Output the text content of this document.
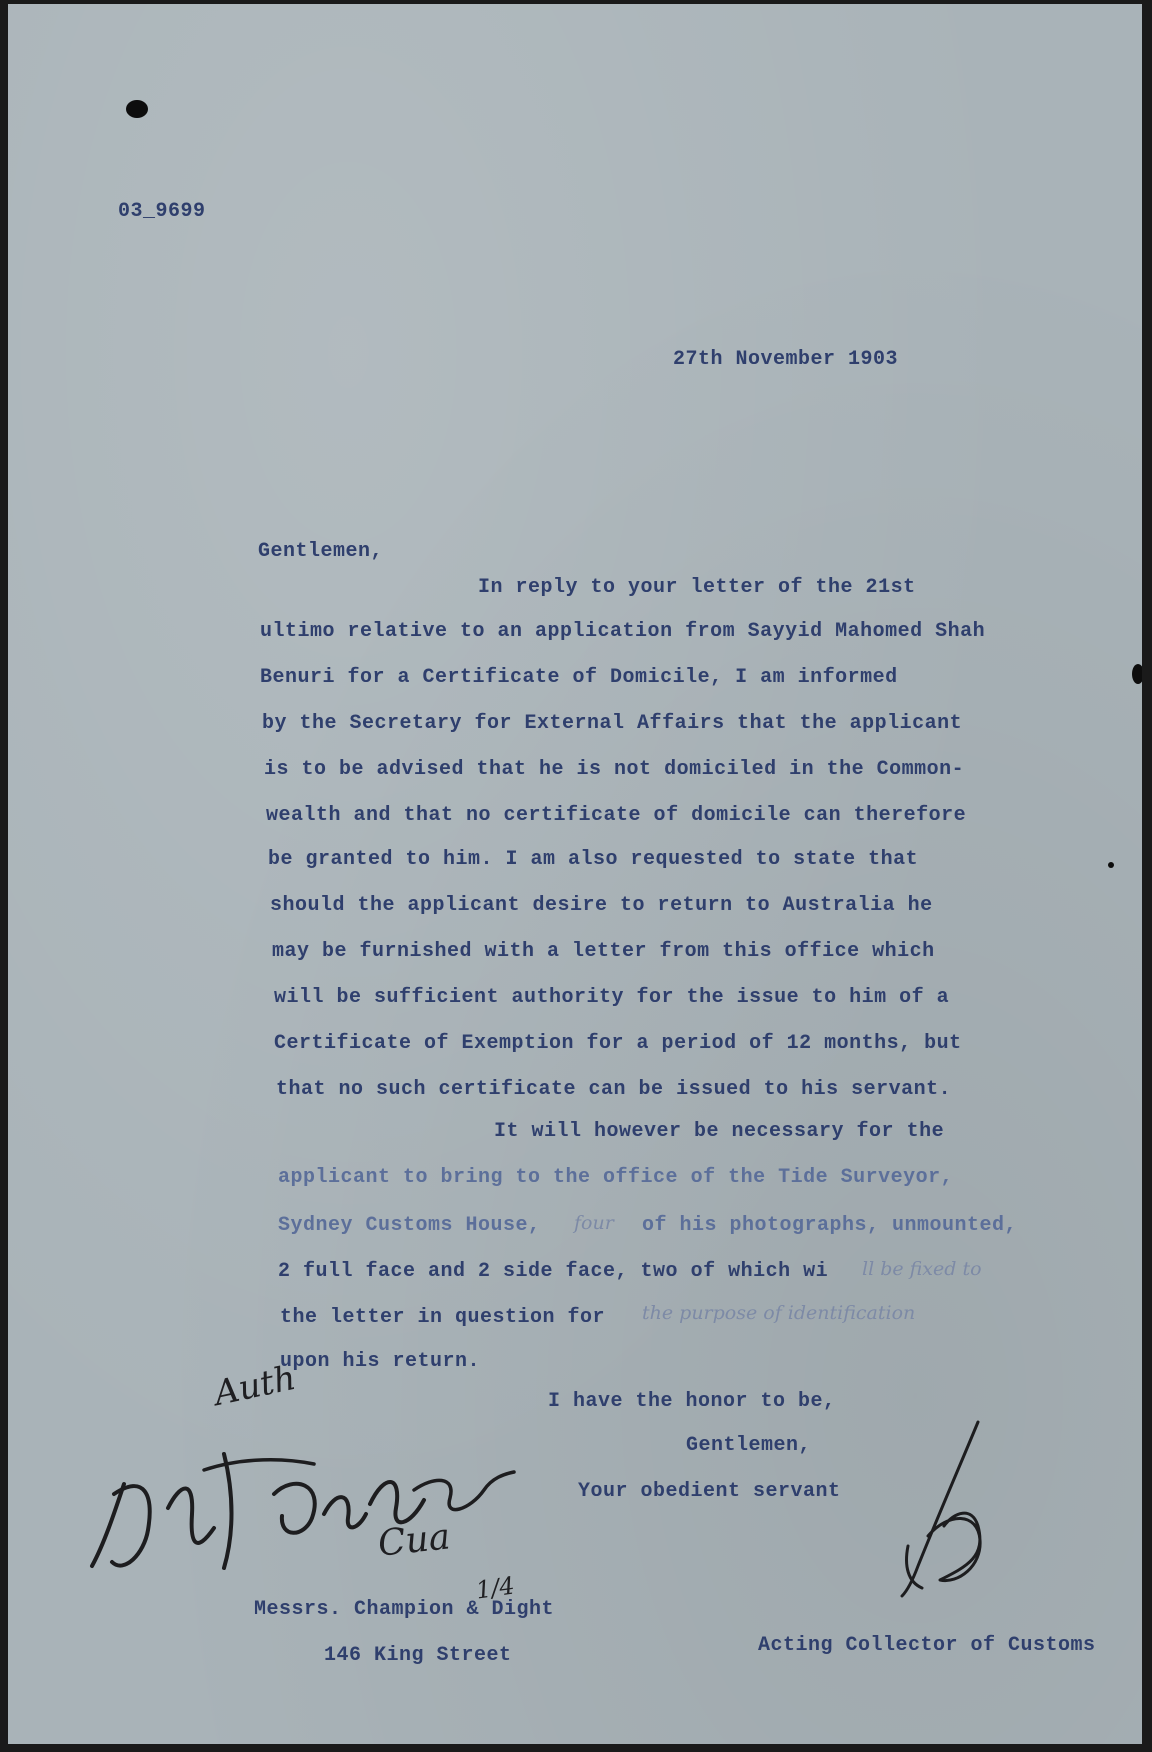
03_9699
27th November 1903
Gentlemen,
In reply to your letter of the 21st
ultimo relative to an application from Sayyid Mahomed Shah
Benuri for a Certificate of Domicile, I am informed
by the Secretary for External Affairs that the applicant
is to be advised that he is not domiciled in the Common-
wealth and that no certificate of domicile can therefore
be granted to him. I am also requested to state that
should the applicant desire to return to Australia he
may be furnished with a letter from this office which
will be sufficient authority for the issue to him of a
Certificate of Exemption for a period of 12 months, but
that no such certificate can be issued to his servant.
It will however be necessary for the
applicant to bring to the office of the Tide Surveyor,
Sydney Customs House, four of his photographs, unmounted,
2 full face and 2 side face, two of which wi ll be fixed to
the letter in question for the purpose of identification
upon his return.
I have the honor to be,
Gentlemen,
Your obedient servant
Messrs. Champion & Dight
146 King Street	Acting Collector of Customs
Auth
Cua
1/4
